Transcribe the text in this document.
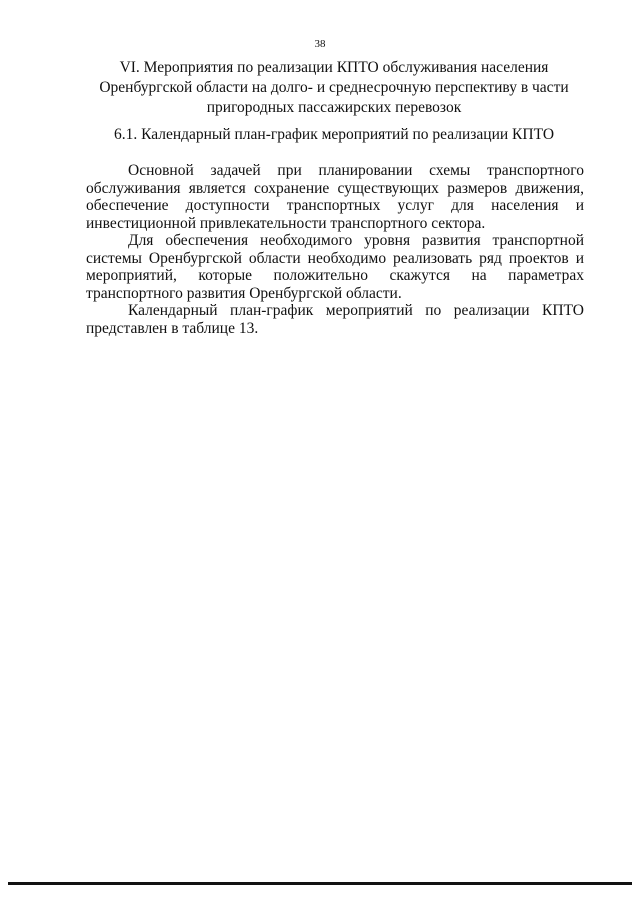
38
VI. Мероприятия по реализации КПТО обслуживания населения Оренбургской области на долго- и среднесрочную перспективу в части пригородных пассажирских перевозок
6.1. Календарный план-график мероприятий по реализации КПТО

Основной задачей при планировании схемы транспортного обслуживания является сохранение существующих размеров движения, обеспечение доступности транспортных услуг для населения и инвестиционной привлекательности транспортного сектора.

Для обеспечения необходимого уровня развития транспортной системы Оренбургской области необходимо реализовать ряд проектов и мероприятий, которые положительно скажутся на параметрах транспортного развития Оренбургской области.

Календарный план-график мероприятий по реализации КПТО представлен в таблице 13.
